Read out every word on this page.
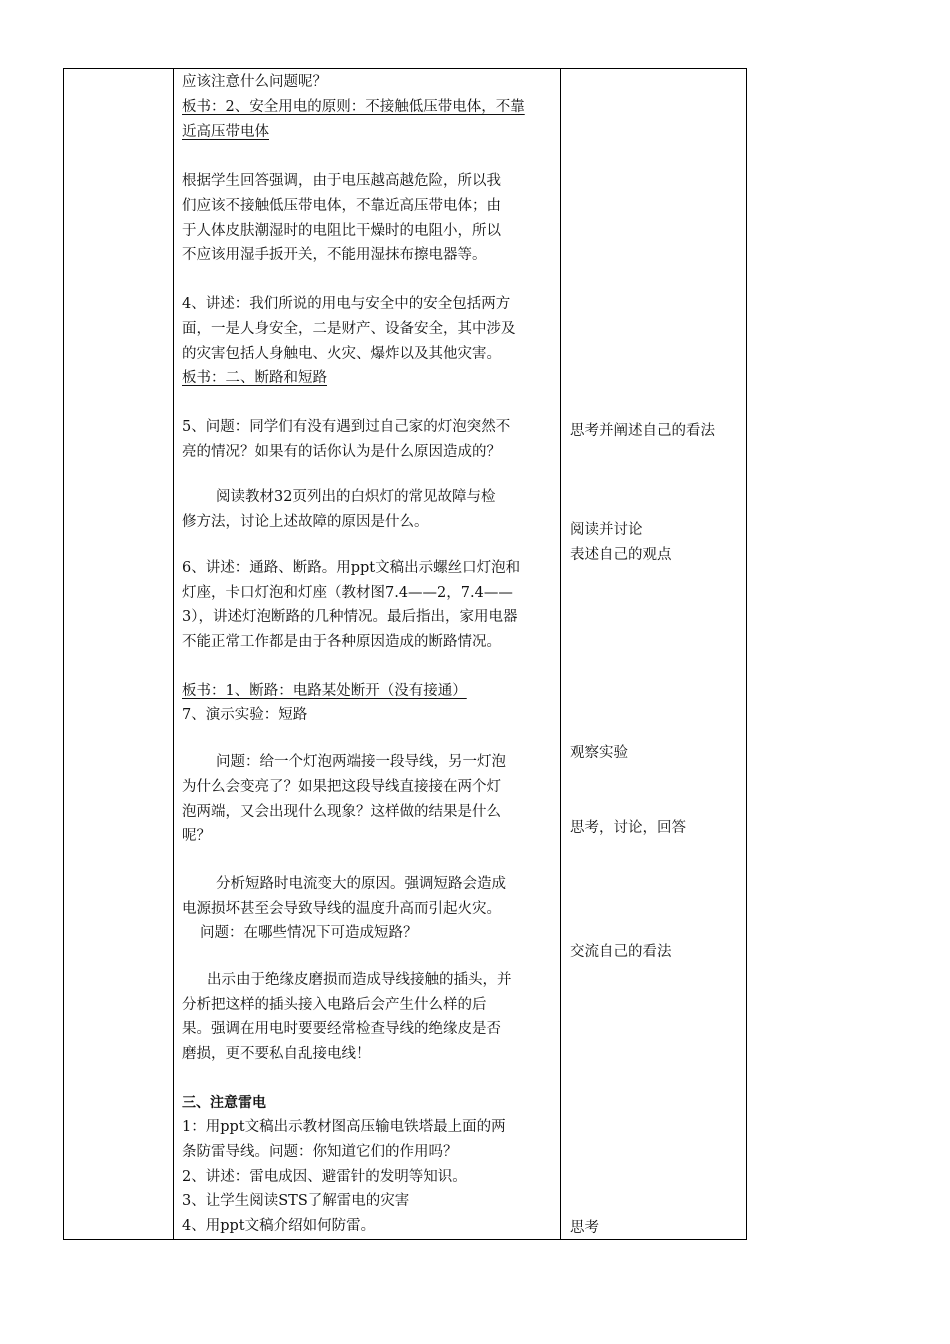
应该注意什么问题呢？
板书：2、安全用电的原则：不接触低压带电体，不靠
近高压带电体
根据学生回答强调，由于电压越高越危险，所以我
们应该不接触低压带电体，不靠近高压带电体；由
于人体皮肤潮湿时的电阻比干燥时的电阻小，所以
不应该用湿手扳开关，不能用湿抹布擦电器等。
4、讲述：我们所说的用电与安全中的安全包括两方
面，一是人身安全，二是财产、设备安全，其中涉及
的灾害包括人身触电、火灾、爆炸以及其他灾害。
板书：二、断路和短路
5、问题：同学们有没有遇到过自己家的灯泡突然不
亮的情况？如果有的话你认为是什么原因造成的？
阅读教材32页列出的白炽灯的常见故障与检
修方法，讨论上述故障的原因是什么。
6、讲述：通路、断路。用ppt文稿出示螺丝口灯泡和
灯座，卡口灯泡和灯座（教材图7.4——2，7.4——
3），讲述灯泡断路的几种情况。最后指出，家用电器
不能正常工作都是由于各种原因造成的断路情况。
板书：1、断路：电路某处断开（没有接通）
7、演示实验：短路
问题：给一个灯泡两端接一段导线，另一灯泡
为什么会变亮了？如果把这段导线直接接在两个灯
泡两端，又会出现什么现象？这样做的结果是什么
呢？
分析短路时电流变大的原因。强调短路会造成
电源损坏甚至会导致导线的温度升高而引起火灾。
问题：在哪些情况下可造成短路？
出示由于绝缘皮磨损而造成导线接触的插头，并
分析把这样的插头接入电路后会产生什么样的后
果。强调在用电时要要经常检查导线的绝缘皮是否
磨损，更不要私自乱接电线！
三、注意雷电
1：用ppt文稿出示教材图高压输电铁塔最上面的两
条防雷导线。问题：你知道它们的作用吗？
2、讲述：雷电成因、避雷针的发明等知识。
3、让学生阅读STS了解雷电的灾害
4、用ppt文稿介绍如何防雷。
思考并阐述自己的看法
阅读并讨论
表述自己的观点
观察实验
思考，讨论，回答
交流自己的看法
思考
